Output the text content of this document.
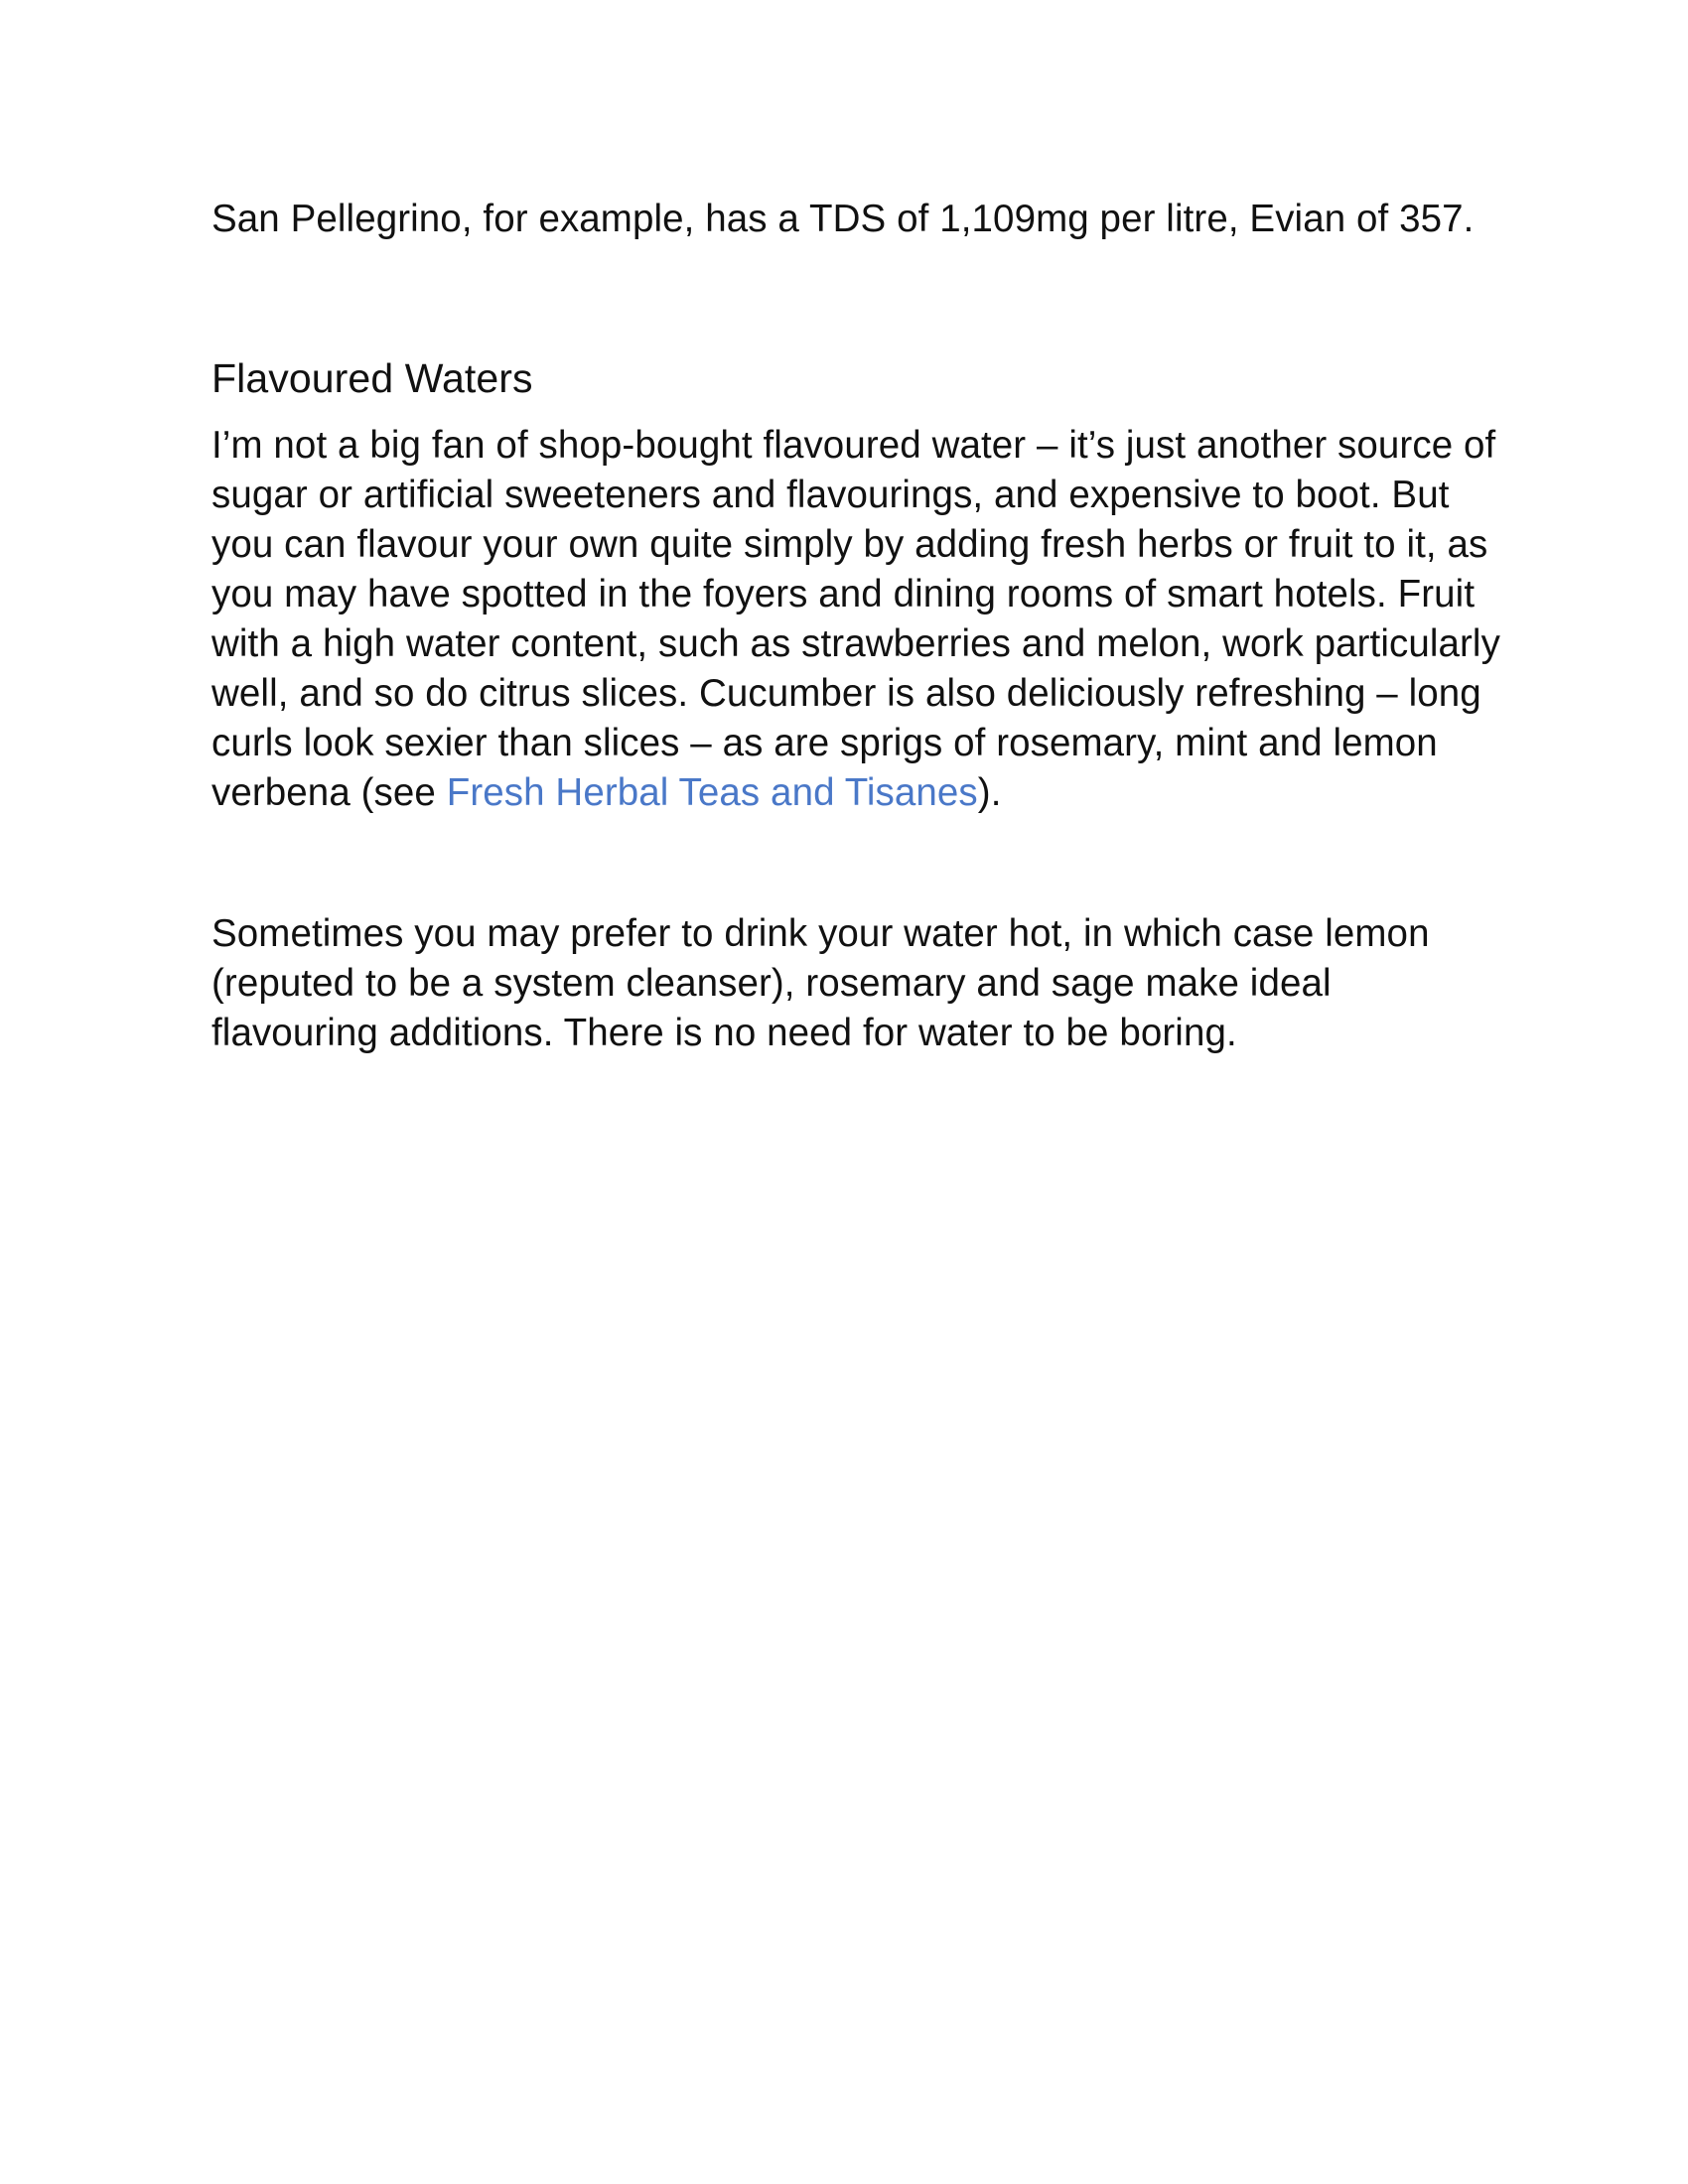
San Pellegrino, for example, has a TDS of 1,109mg per litre, Evian of 357.

Flavoured Waters

I’m not a big fan of shop-bought flavoured water – it’s just another source of sugar or artificial sweeteners and flavourings, and expensive to boot. But you can flavour your own quite simply by adding fresh herbs or fruit to it, as you may have spotted in the foyers and dining rooms of smart hotels. Fruit with a high water content, such as strawberries and melon, work particularly well, and so do citrus slices. Cucumber is also deliciously refreshing – long curls look sexier than slices – as are sprigs of rosemary, mint and lemon verbena (see Fresh Herbal Teas and Tisanes).

Sometimes you may prefer to drink your water hot, in which case lemon (reputed to be a system cleanser), rosemary and sage make ideal flavouring additions. There is no need for water to be boring.
